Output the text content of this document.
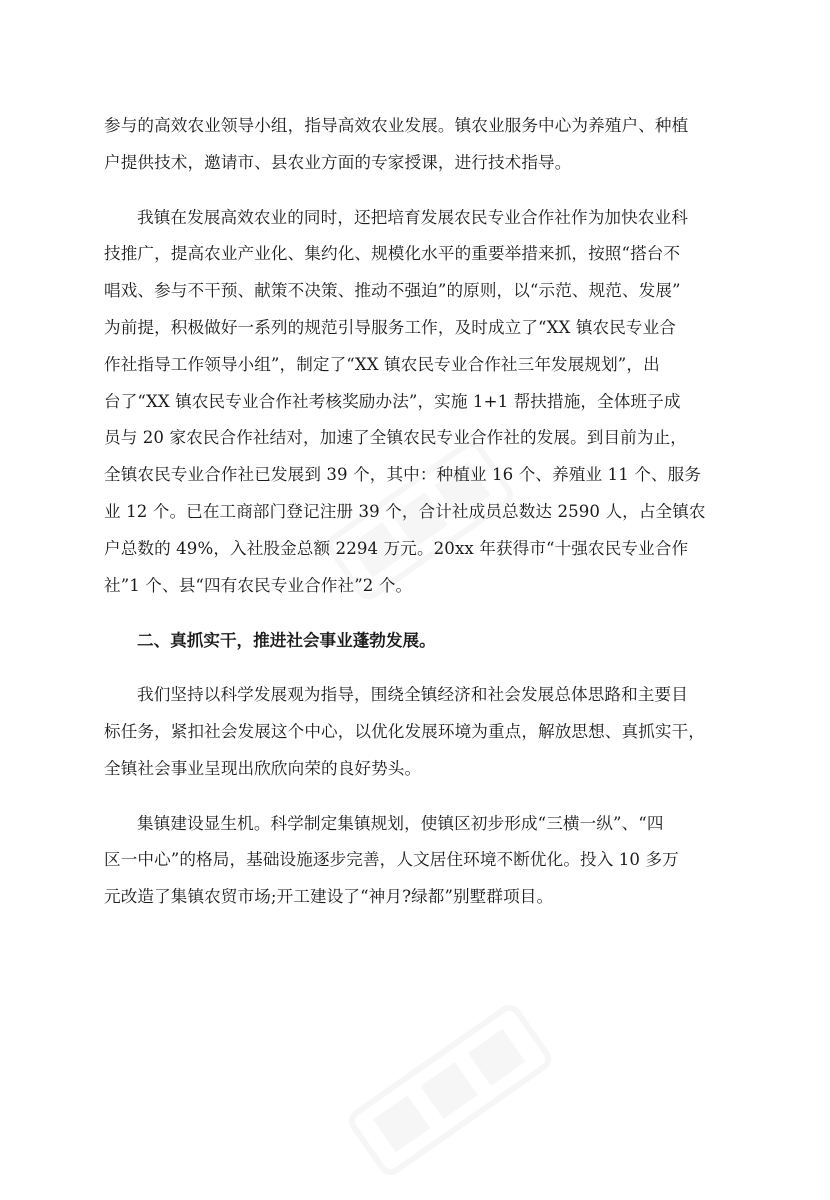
参与的高效农业领导小组，指导高效农业发展。镇农业服务中心为养殖户、种植
户提供技术，邀请市、县农业方面的专家授课，进行技术指导。

我镇在发展高效农业的同时，还把培育发展农民专业合作社作为加快农业科
技推广，提高农业产业化、集约化、规模化水平的重要举措来抓，按照“搭台不
唱戏、参与不干预、献策不决策、推动不强迫”的原则，以“示范、规范、发展”
为前提，积极做好一系列的规范引导服务工作，及时成立了“XX 镇农民专业合
作社指导工作领导小组”，制定了“XX 镇农民专业合作社三年发展规划”，出
台了“XX 镇农民专业合作社考核奖励办法”，实施 1+1 帮扶措施，全体班子成
员与 20 家农民合作社结对，加速了全镇农民专业合作社的发展。到目前为止，
全镇农民专业合作社已发展到 39 个，其中：种植业 16 个、养殖业 11 个、服务
业 12 个。已在工商部门登记注册 39 个，合计社成员总数达 2590 人，占全镇农
户总数的 49%，入社股金总额 2294 万元。20xx 年获得市“十强农民专业合作
社”1 个、县“四有农民专业合作社”2 个。

二、真抓实干，推进社会事业蓬勃发展。

我们坚持以科学发展观为指导，围绕全镇经济和社会发展总体思路和主要目
标任务，紧扣社会发展这个中心，以优化发展环境为重点，解放思想、真抓实干，
全镇社会事业呈现出欣欣向荣的良好势头。

集镇建设显生机。科学制定集镇规划，使镇区初步形成“三横一纵”、“四
区一中心”的格局，基础设施逐步完善，人文居住环境不断优化。投入 10 多万
元改造了集镇农贸市场;开工建设了“神月?绿都”别墅群项目。
